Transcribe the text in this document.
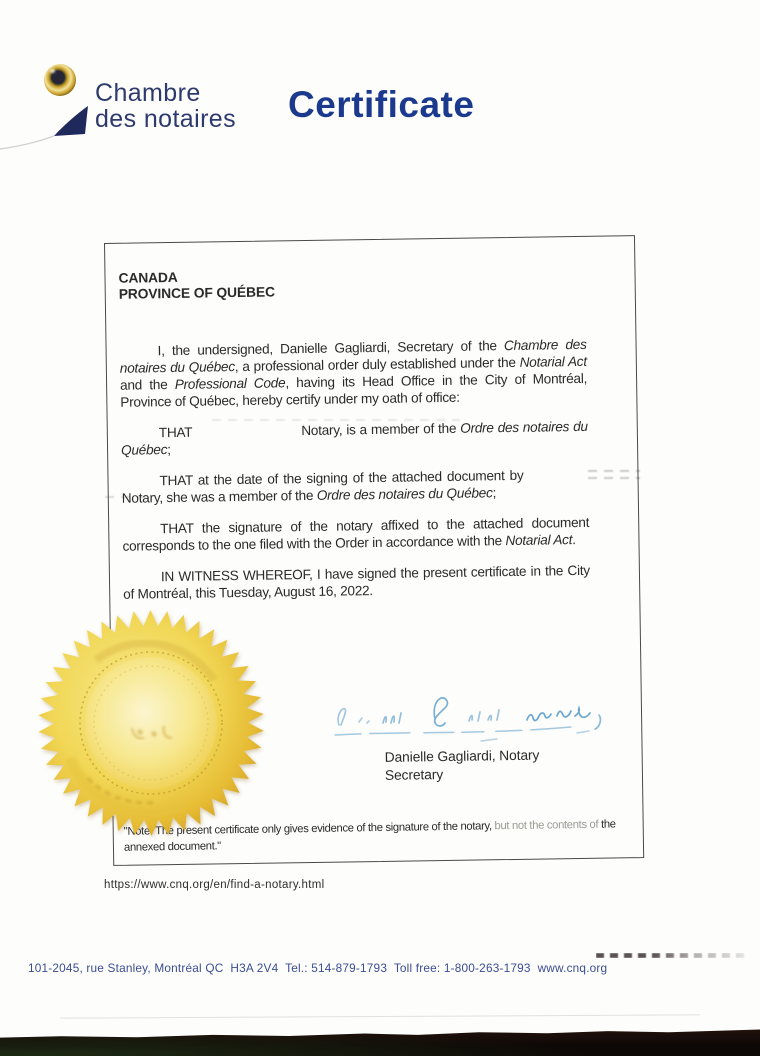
Chambre
des notaires Certificate
CANADA
PROVINCE OF QUÉBEC

I, the undersigned, Danielle Gagliardi, Secretary of the Chambre des notaires du Québec, a professional order duly established under the Notarial Act and the Professional Code, having its Head Office in the City of Montréal, Province of Québec, hereby certify under my oath of office:

THAT	Notary, is a member of the Ordre des notaires du Québec;

THAT at the date of the signing of the attached document by  Notary, she was a member of the Ordre des notaires du Québec;

THAT the signature of the notary affixed to the attached document corresponds to the one filed with the Order in accordance with the Notarial Act.

IN WITNESS WHEREOF, I have signed the present certificate in the City of Montréal, this Tuesday, August 16, 2022.

Danielle Gagliardi, Notary
Secretary

"Note: The present certificate only gives evidence of the signature of the notary, but not the contents of the annexed document."

https://www.cnq.org/en/find-a-notary.html
101-2045, rue Stanley, Montréal QC  H3A 2V4  Tel.: 514-879-1793  Toll free: 1-800-263-1793  www.cnq.org
